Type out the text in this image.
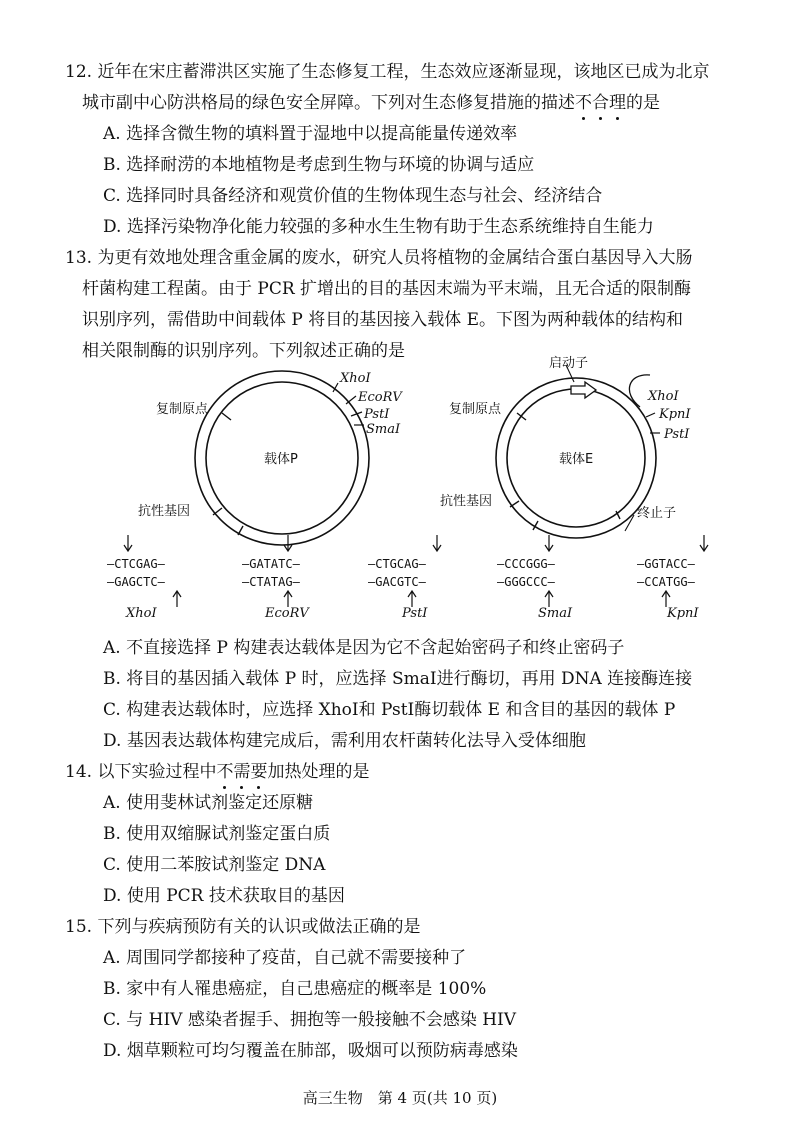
12. 近年在宋庄蓄滞洪区实施了生态修复工程，生态效应逐渐显现，该地区已成为北京
城市副中心防洪格局的绿色安全屏障。下列对生态修复措施的描述不合理的是
A. 选择含微生物的填料置于湿地中以提高能量传递效率
B. 选择耐涝的本地植物是考虑到生物与环境的协调与适应
C. 选择同时具备经济和观赏价值的生物体现生态与社会、经济结合
D. 选择污染物净化能力较强的多种水生生物有助于生态系统维持自生能力
13. 为更有效地处理含重金属的废水，研究人员将植物的金属结合蛋白基因导入大肠
杆菌构建工程菌。由于 PCR 扩增出的目的基因末端为平末端，且无合适的限制酶
识别序列，需借助中间载体 P 将目的基因接入载体 E。下图为两种载体的结构和
相关限制酶的识别序列。下列叙述正确的是
载体P
复制原点
抗性基因
XhoⅠ
EcoRⅤ
PstⅠ
SmaⅠ
载体E
复制原点
抗性基因
启动子
终止子
XhoⅠ
KpnⅠ
PstⅠ
—CTCGAG—
—GAGCTC—
XhoⅠ
—GATATC—
—CTATAG—
EcoRⅤ
—CTGCAG—
—GACGTC—
PstⅠ
—CCCGGG—
—GGGCCC—
SmaⅠ
—GGTACC—
—CCATGG—
KpnⅠ
A. 不直接选择 P 构建表达载体是因为它不含起始密码子和终止密码子
B. 将目的基因插入载体 P 时，应选择 SmaⅠ进行酶切，再用 DNA 连接酶连接
C. 构建表达载体时，应选择 XhoⅠ和 PstⅠ酶切载体 E 和含目的基因的载体 P
D. 基因表达载体构建完成后，需利用农杆菌转化法导入受体细胞
14. 以下实验过程中不需要加热处理的是
A. 使用斐林试剂鉴定还原糖
B. 使用双缩脲试剂鉴定蛋白质
C. 使用二苯胺试剂鉴定 DNA
D. 使用 PCR 技术获取目的基因
15. 下列与疾病预防有关的认识或做法正确的是
A. 周围同学都接种了疫苗，自己就不需要接种了
B. 家中有人罹患癌症，自己患癌症的概率是 100%
C. 与 HIV 感染者握手、拥抱等一般接触不会感染 HIV
D. 烟草颗粒可均匀覆盖在肺部，吸烟可以预防病毒感染
高三生物　第 4 页(共 10 页)
